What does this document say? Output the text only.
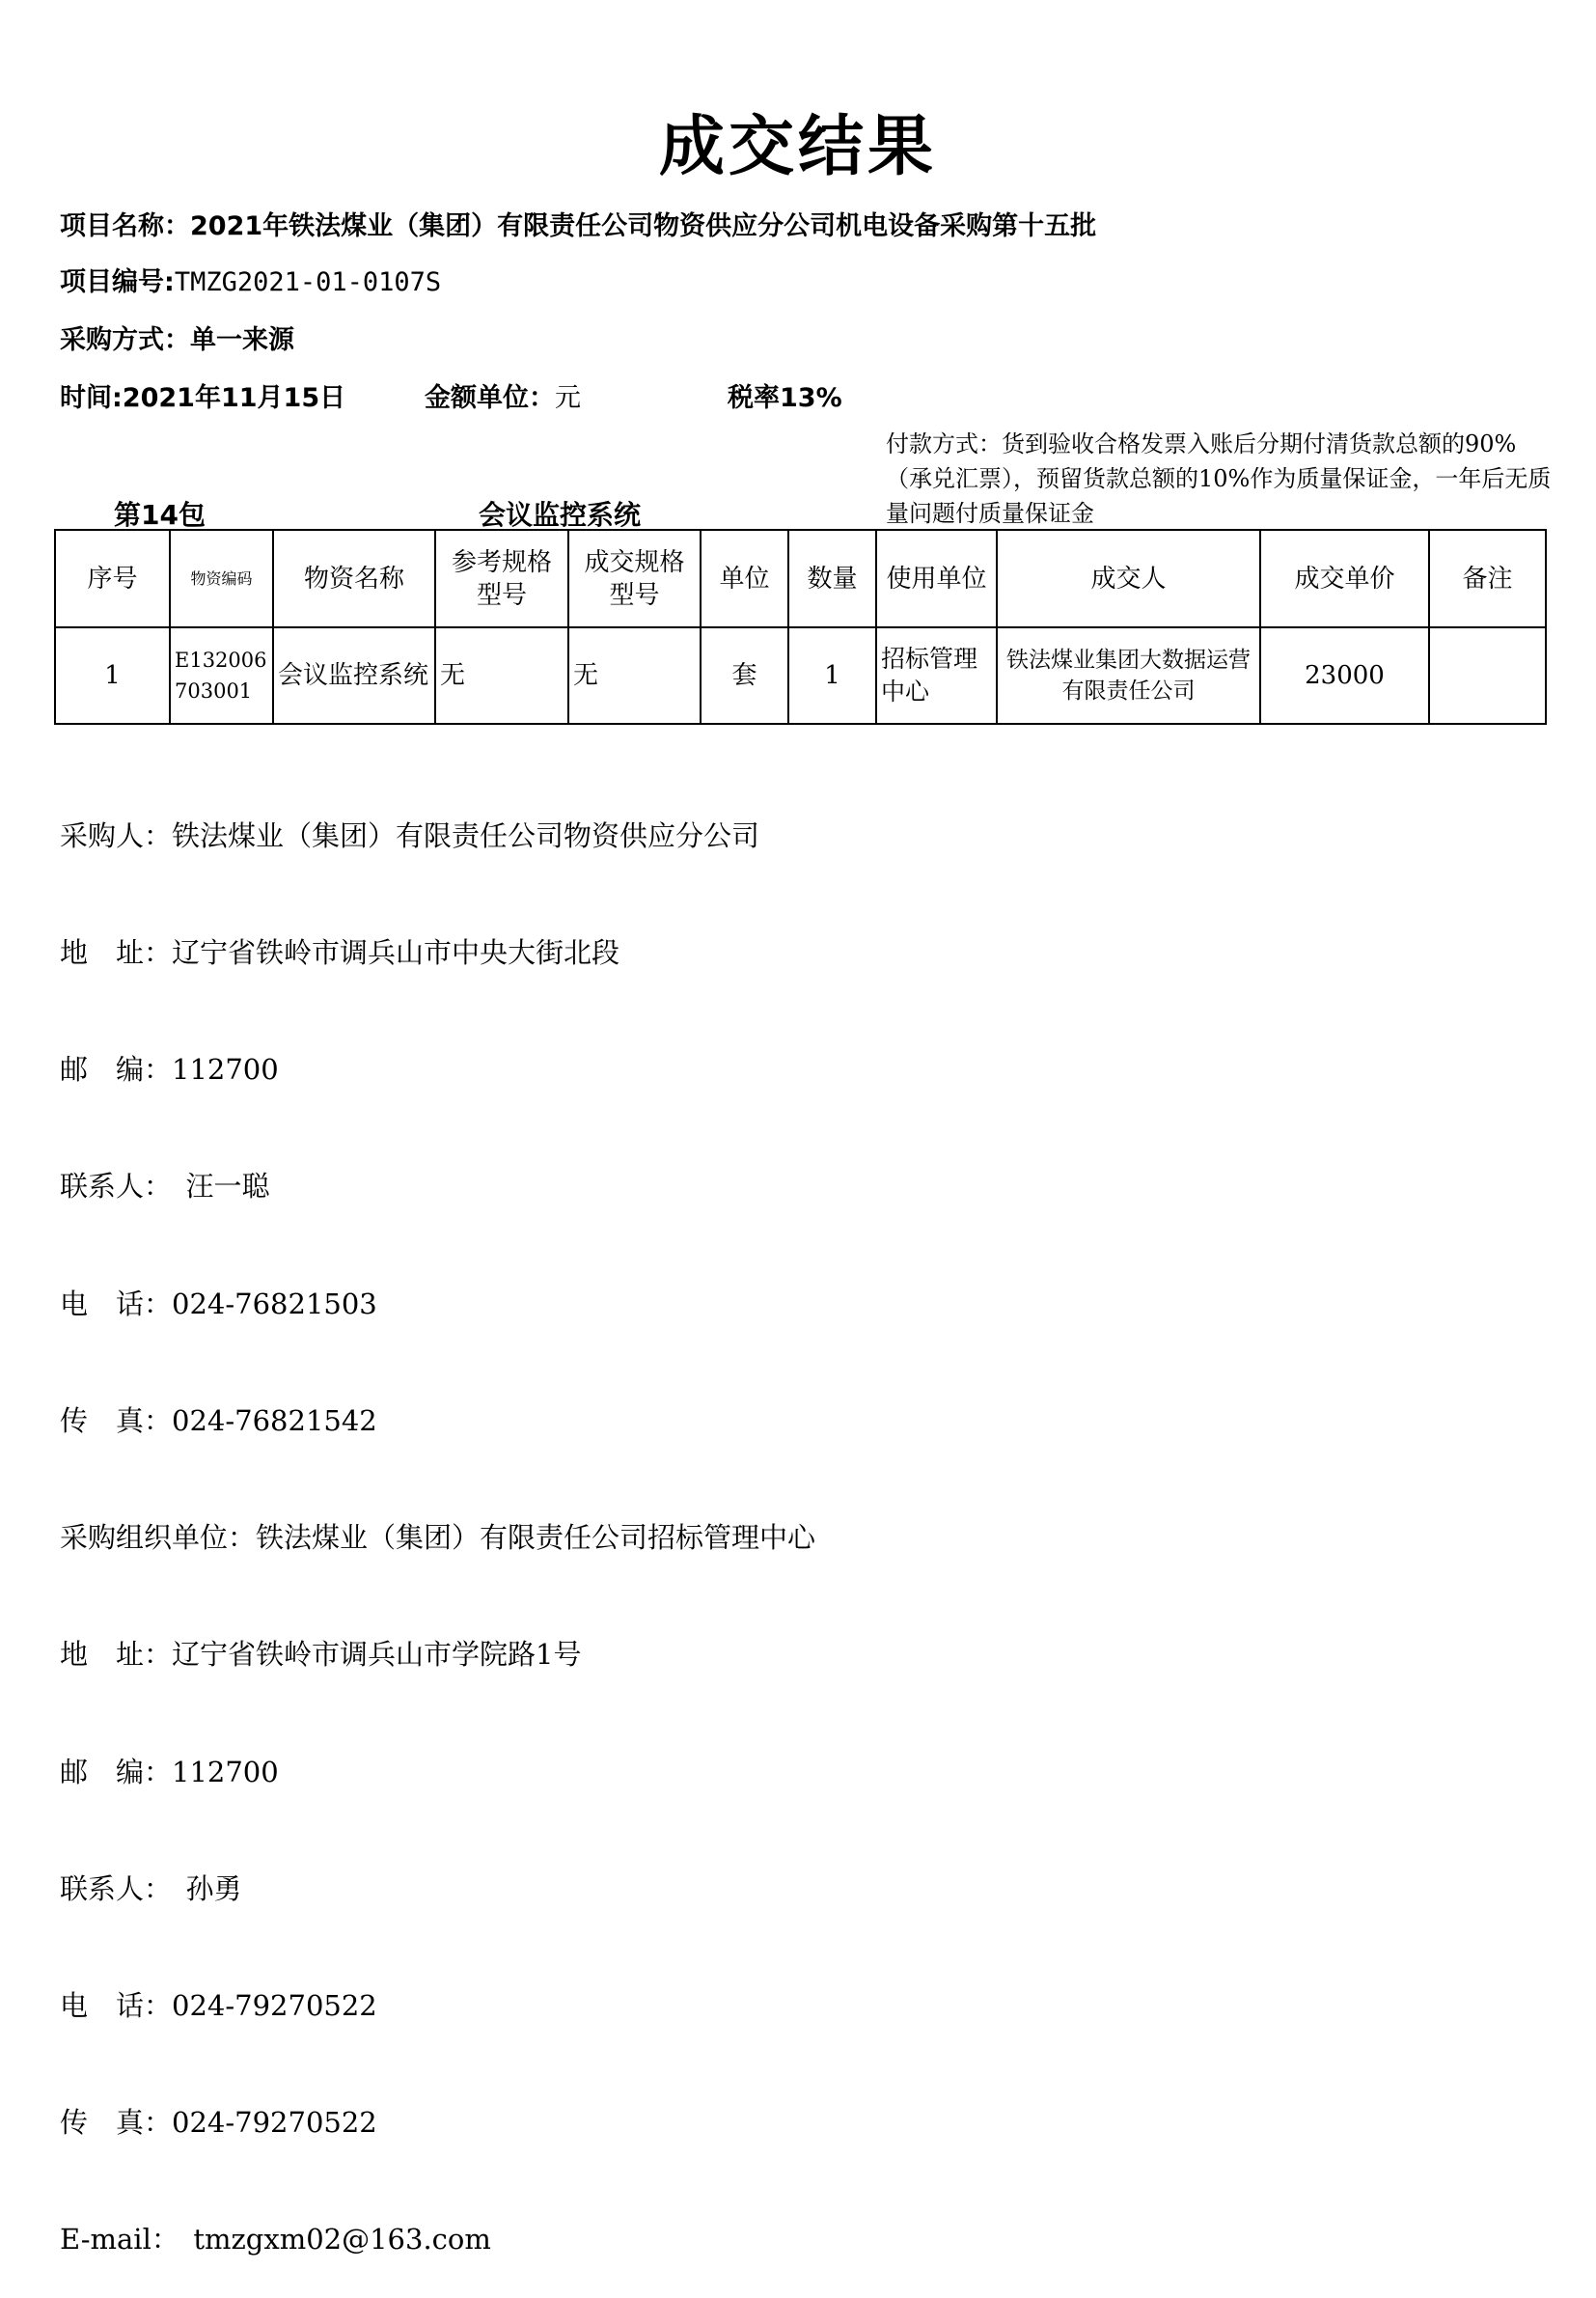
成交结果
项目名称：2021年铁法煤业（集团）有限责任公司物资供应分公司机电设备采购第十五批
项目编号:TMZG2021-01-0107S
采购方式：单一来源
时间:2021年11月15日	金额单位：元	税率13%
第14包	会议监控系统
付款方式：货到验收合格发票入账后分期付清货款总额的90%（承兑汇票），预留货款总额的10%作为质量保证金，一年后无质量问题付质量保证金
序号	物资编码	物资名称	参考规格型号	成交规格型号	单位	数量	使用单位	成交人	成交单价	备注
1	E132006703001	会议监控系统	无	无	套	1	招标管理中心	铁法煤业集团大数据运营有限责任公司	23000	

采购人：铁法煤业（集团）有限责任公司物资供应分公司

地　址：辽宁省铁岭市调兵山市中央大街北段

邮　编：112700

联系人：　汪一聪

电　话：024-76821503

传　真：024-76821542

采购组织单位：铁法煤业（集团）有限责任公司招标管理中心

地　址：辽宁省铁岭市调兵山市学院路1号

邮　编：112700

联系人：　孙勇

电　话：024-79270522

传　真：024-79270522

E-mail：　tmzgxm02@163.com
